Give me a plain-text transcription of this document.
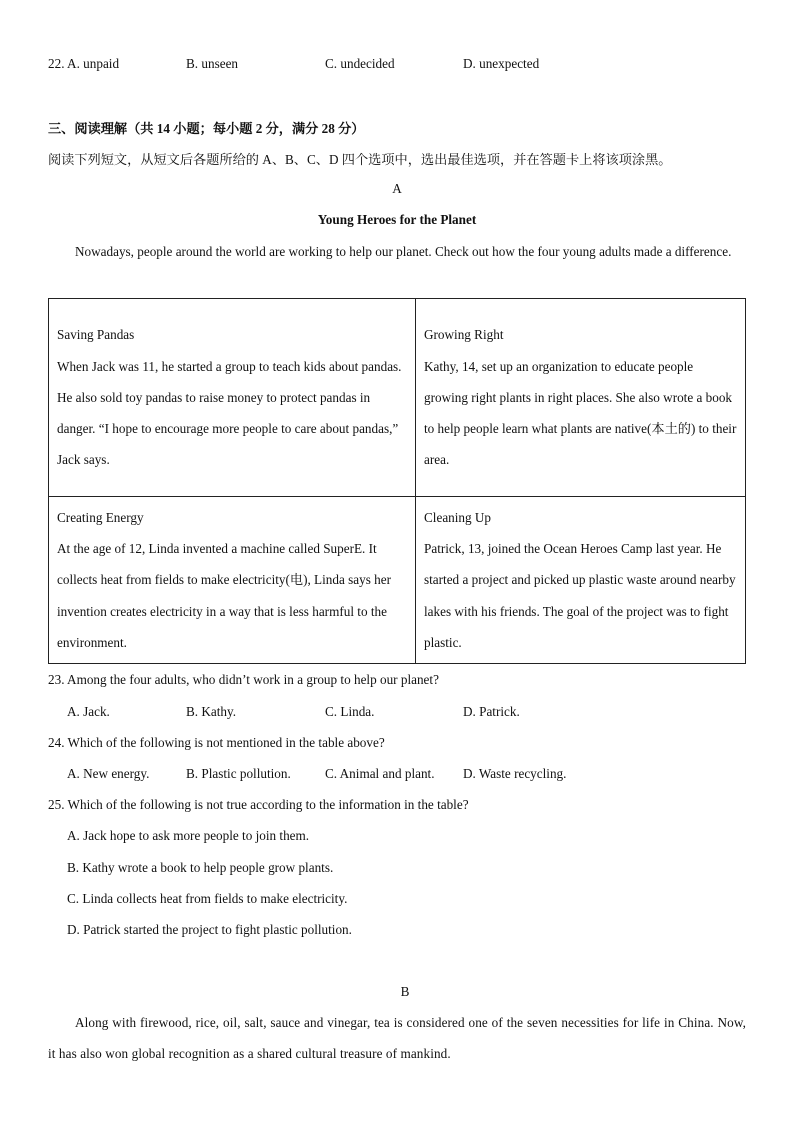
22. A. unpaid	B. unseen	C. undecided	D. unexpected
三、阅读理解（共 14 小题；每小题 2 分，满分 28 分）
阅读下列短文，从短文后各题所给的 A、B、C、D 四个选项中，选出最佳选项，并在答题卡上将该项涂黑。
A
Young Heroes for the Planet
Nowadays, people around the world are working to help our planet. Check out how the four young adults made a difference.
Saving Pandas
When Jack was 11, he started a group to teach kids about pandas. He also sold toy pandas to raise money to protect pandas in danger. “I hope to encourage more people to care about pandas,” Jack says.	Growing Right
Kathy, 14, set up an organization to educate people growing right plants in right places. She also wrote a book to help people learn what plants are native(本土的) to their area.

Creating Energy
At the age of 12, Linda invented a machine called SuperE. It collects heat from fields to make electricity(电), Linda says her invention creates electricity in a way that is less harmful to the environment.	Cleaning Up
Patrick, 13, joined the Ocean Heroes Camp last year. He started a project and picked up plastic waste around nearby lakes with his friends. The goal of the project was to fight plastic.
23. Among the four adults, who didn’t work in a group to help our planet?
A. Jack.	B. Kathy.	C. Linda.	D. Patrick.
24. Which of the following is not mentioned in the table above?
A. New energy.	B. Plastic pollution.	C. Animal and plant. D. Waste recycling.
25. Which of the following is not true according to the information in the table?
A. Jack hope to ask more people to join them.
B. Kathy wrote a book to help people grow plants.
C. Linda collects heat from fields to make electricity.
D. Patrick started the project to fight plastic pollution.
B
Along with firewood, rice, oil, salt, sauce and vinegar, tea is considered one of the seven necessities for life in China. Now, it has also won global recognition as a shared cultural treasure of mankind.
